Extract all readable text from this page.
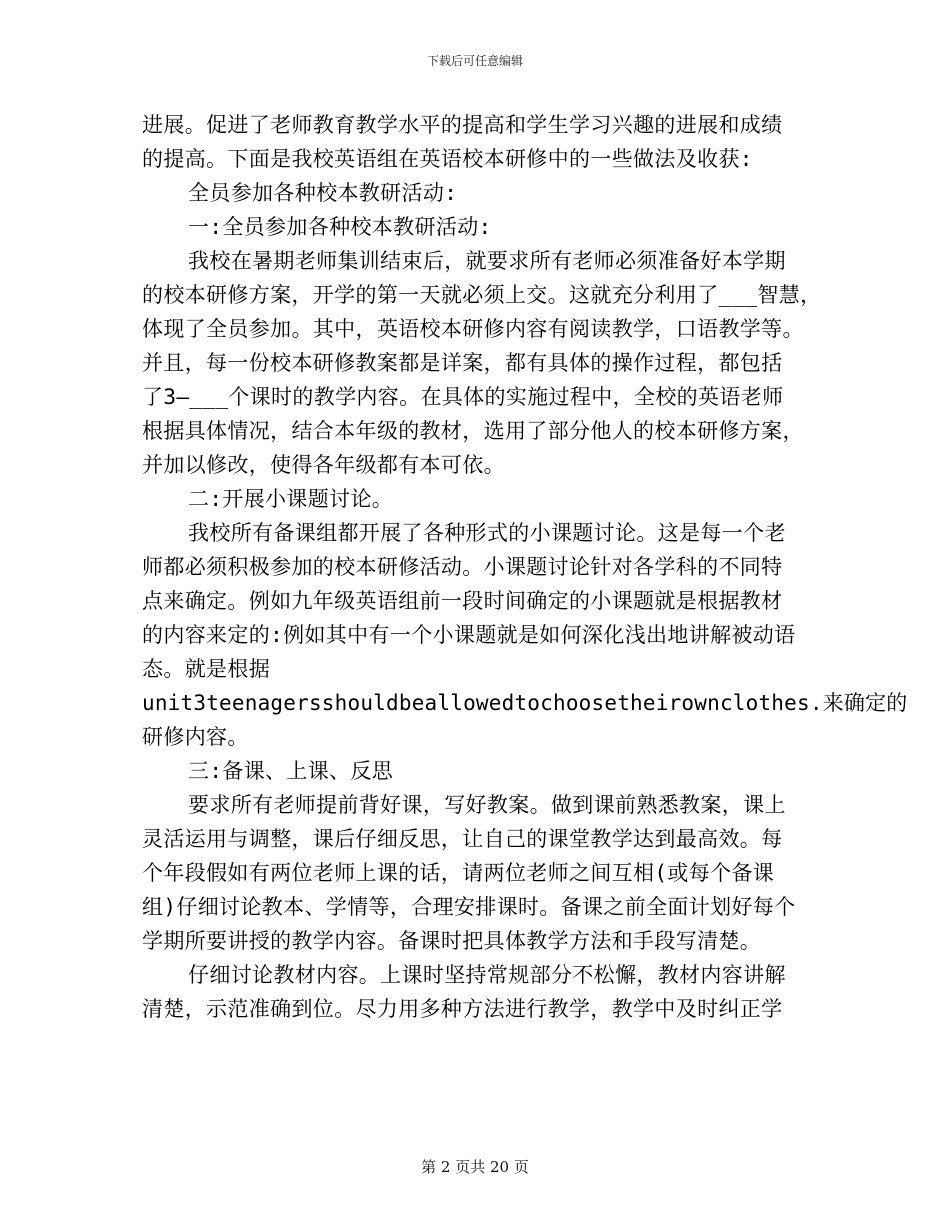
下载后可任意编辑
进展。促进了老师教育教学水平的提高和学生学习兴趣的进展和成绩
的提高。下面是我校英语组在英语校本研修中的一些做法及收获:
全员参加各种校本教研活动:
一:全员参加各种校本教研活动:
我校在暑期老师集训结束后，就要求所有老师必须准备好本学期
的校本研修方案，开学的第一天就必须上交。这就充分利用了___智慧，
体现了全员参加。其中，英语校本研修内容有阅读教学，口语教学等。
并且，每一份校本研修教案都是详案，都有具体的操作过程，都包括
了3—___个课时的教学内容。在具体的实施过程中，全校的英语老师
根据具体情况，结合本年级的教材，选用了部分他人的校本研修方案，
并加以修改，使得各年级都有本可依。
二:开展小课题讨论。
我校所有备课组都开展了各种形式的小课题讨论。这是每一个老
师都必须积极参加的校本研修活动。小课题讨论针对各学科的不同特
点来确定。例如九年级英语组前一段时间确定的小课题就是根据教材
的内容来定的:例如其中有一个小课题就是如何深化浅出地讲解被动语
态。就是根据
unit3teenagersshouldbeallowedtochoosetheirownclothes.来确定的
研修内容。
三:备课、上课、反思
要求所有老师提前背好课，写好教案。做到课前熟悉教案，课上
灵活运用与调整，课后仔细反思，让自己的课堂教学达到最高效。每
个年段假如有两位老师上课的话，请两位老师之间互相(或每个备课
组)仔细讨论教本、学情等，合理安排课时。备课之前全面计划好每个
学期所要讲授的教学内容。备课时把具体教学方法和手段写清楚。
仔细讨论教材内容。上课时坚持常规部分不松懈，教材内容讲解
清楚，示范准确到位。尽力用多种方法进行教学，教学中及时纠正学
第 2 页共 20 页
